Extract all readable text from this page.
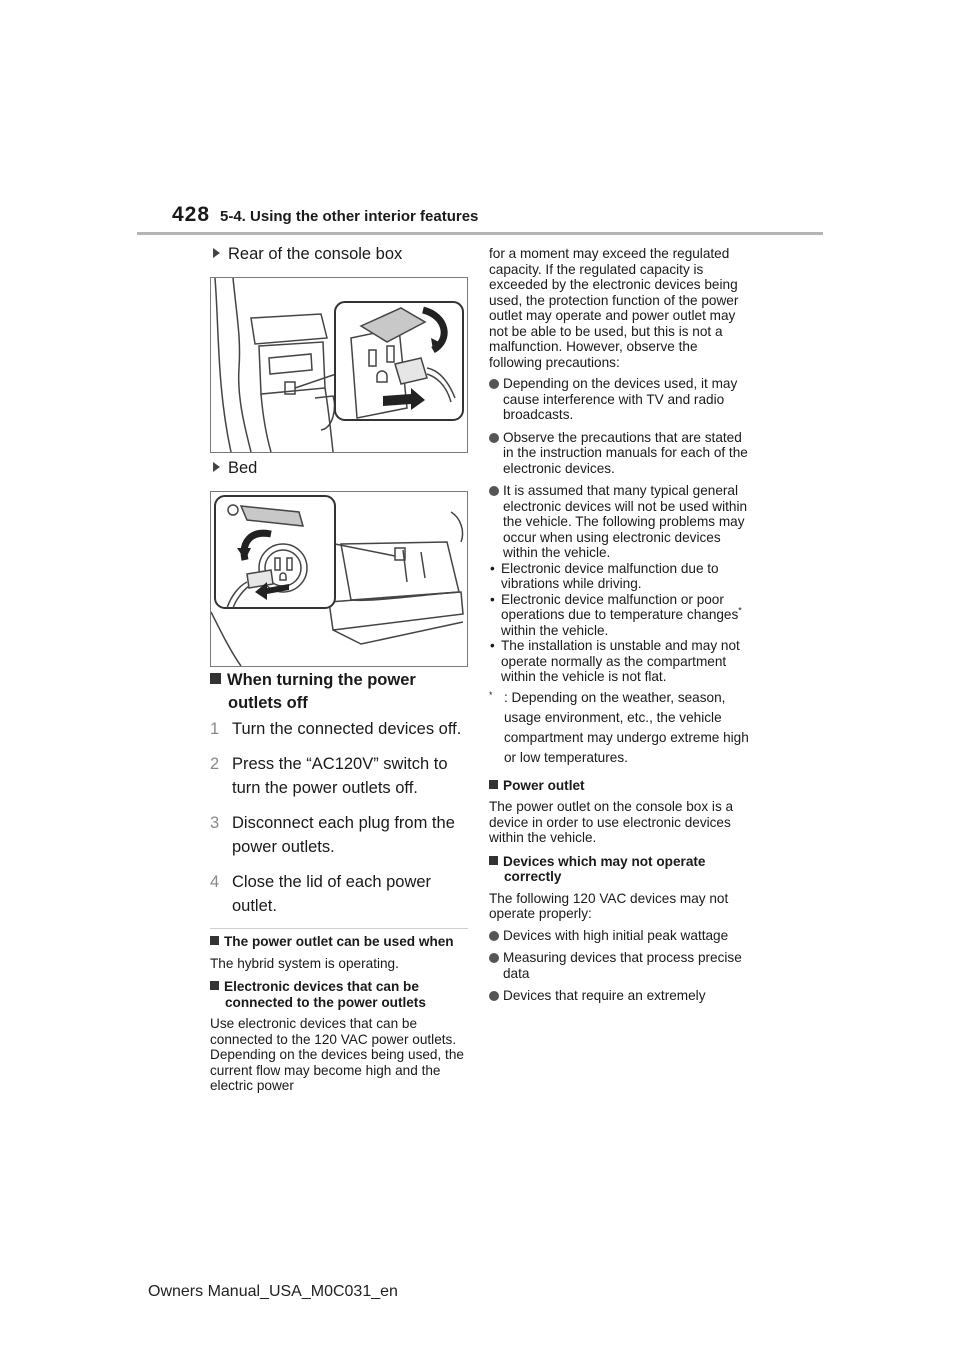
428 5-4. Using the other interior features
Rear of the console box
Bed
When turning the power
outlets off
1 Turn the connected devices off.
2 Press the “AC120V” switch to turn the power outlets off.
3 Disconnect each plug from the power outlets.
4 Close the lid of each power outlet.

The power outlet can be used when

The hybrid system is operating.

Electronic devices that can be connected to the power outlets

Use electronic devices that can be connected to the 120 VAC power outlets. Depending on the devices being used, the current flow may become high and the electric power

for a moment may exceed the regulated capacity. If the regulated capacity is exceeded by the electronic devices being used, the protection function of the power outlet may operate and power outlet may not be able to be used, but this is not a malfunction. However, observe the following precautions:

Depending on the devices used, it may cause interference with TV and radio broadcasts.
Observe the precautions that are stated in the instruction manuals for each of the electronic devices.
It is assumed that many typical general electronic devices will not be used within the vehicle. The following problems may occur when using electronic devices within the vehicle.
• Electronic device malfunction due to vibrations while driving.
• Electronic device malfunction or poor operations due to temperature changes* within the vehicle.
• The installation is unstable and may not operate normally as the compartment within the vehicle is not flat.
* : Depending on the weather, season, usage environment, etc., the vehicle compartment may undergo extreme high or low temperatures.

Power outlet

The power outlet on the console box is a device in order to use electronic devices within the vehicle.

Devices which may not operate correctly

The following 120 VAC devices may not operate properly:

Devices with high initial peak wattage
Measuring devices that process precise data
Devices that require an extremely
Owners Manual_USA_M0C031_en
